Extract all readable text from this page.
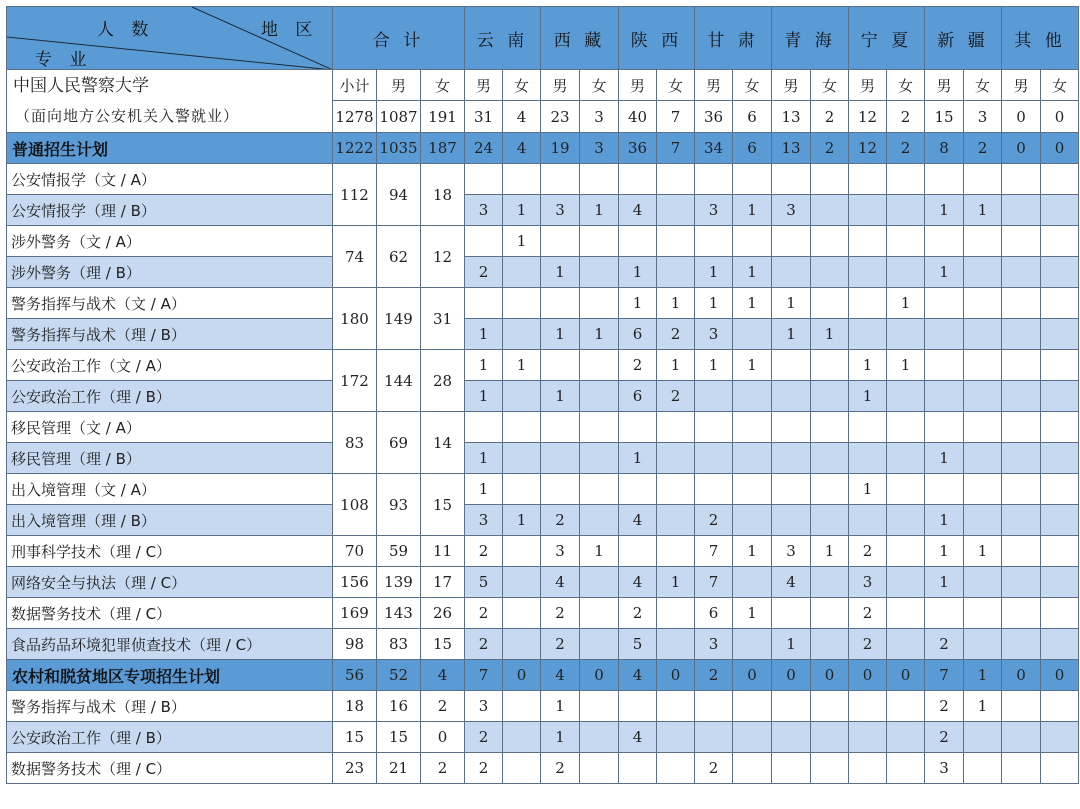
人 数 地 区
专 业	合 计			云 南		西 藏		陕 西		甘 肃		青 海		宁 夏		新 疆		其 他	

中国人民警察大学
（面向地方公安机关入警就业）	小计	男	女	男	女	男	女	男	女	男	女	男	女	男	女	男	女	男	女
	1278	1087	191	31	4	23	3	40	7	36	6	13	2	12	2	15	3	0	0
普通招生计划	1222	1035	187	24	4	19	3	36	7	34	6	13	2	12	2	8	2	0	0
公安情报学（文 / A）	112	94	18																
公安情报学（理 / B）				3	1	3	1	4		3	1	3				1	1		
涉外警务（文 / A）	74	62	12		1														
涉外警务（理 / B）				2		1		1		1	1					1			
警务指挥与战术（文 / A）	180	149	31					1	1	1	1	1			1				
警务指挥与战术（理 / B）				1		1	1	6	2	3		1	1						
公安政治工作（文 / A）	172	144	28	1	1			2	1	1	1			1	1				
公安政治工作（理 / B）				1		1		6	2					1					
移民管理（文 / A）	83	69	14																
移民管理（理 / B）				1				1								1			
出入境管理（文 / A）	108	93	15	1										1					
出入境管理（理 / B）				3	1	2		4		2						1			
刑事科学技术（理 / C）	70	59	11	2		3	1			7	1	3	1	2		1	1		
网络安全与执法（理 / C）	156	139	17	5		4		4	1	7		4		3		1			
数据警务技术（理 / C）	169	143	26	2		2		2		6	1			2					
食品药品环境犯罪侦查技术（理 / C）	98	83	15	2		2		5		3		1		2		2			
农村和脱贫地区专项招生计划	56	52	4	7	0	4	0	4	0	2	0	0	0	0	0	7	1	0	0
警务指挥与战术（理 / B）	18	16	2	3		1										2	1		
公安政治工作（理 / B）	15	15	0	2		1		4								2			
数据警务技术（理 / C）	23	21	2	2		2				2						3			
